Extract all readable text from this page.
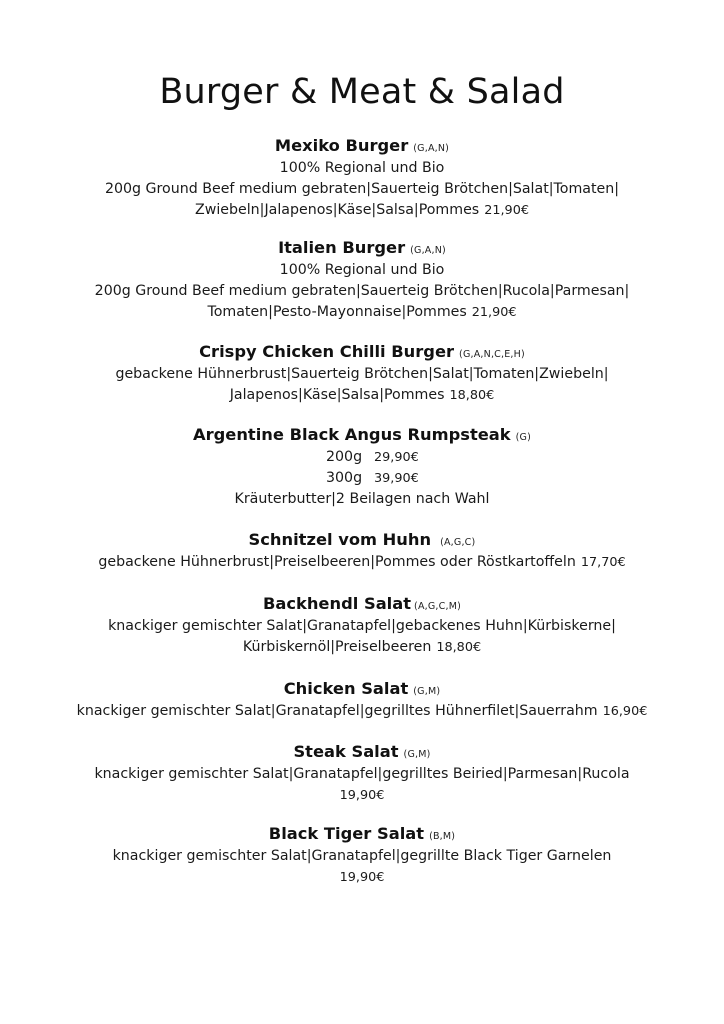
Burger & Meat & Salad
Mexiko Burger (G,A,N)
100% Regional und Bio
200g Ground Beef medium gebraten|Sauerteig Brötchen|Salat|Tomaten|
Zwiebeln|Jalapenos|Käse|Salsa|Pommes 21,90€
Italien Burger (G,A,N)
100% Regional und Bio
200g Ground Beef medium gebraten|Sauerteig Brötchen|Rucola|Parmesan|
Tomaten|Pesto-Mayonnaise|Pommes 21,90€
Crispy Chicken Chilli Burger (G,A,N,C,E,H)
gebackene Hühnerbrust|Sauerteig Brötchen|Salat|Tomaten|Zwiebeln|
Jalapenos|Käse|Salsa|Pommes 18,80€
Argentine Black Angus Rumpsteak (G)
200g 29,90€
300g 39,90€
Kräuterbutter|2 Beilagen nach Wahl
Schnitzel vom Huhn (A,G,C)
gebackene Hühnerbrust|Preiselbeeren|Pommes oder Röstkartoffeln 17,70€
Backhendl Salat (A,G,C,M)
knackiger gemischter Salat|Granatapfel|gebackenes Huhn|Kürbiskerne|
Kürbiskernöl|Preiselbeeren 18,80€
Chicken Salat (G,M)
knackiger gemischter Salat|Granatapfel|gegrilltes Hühnerfilet|Sauerrahm 16,90€
Steak Salat (G,M)
knackiger gemischter Salat|Granatapfel|gegrilltes Beiried|Parmesan|Rucola
19,90€
Black Tiger Salat (B,M)
knackiger gemischter Salat|Granatapfel|gegrillte Black Tiger Garnelen
19,90€
